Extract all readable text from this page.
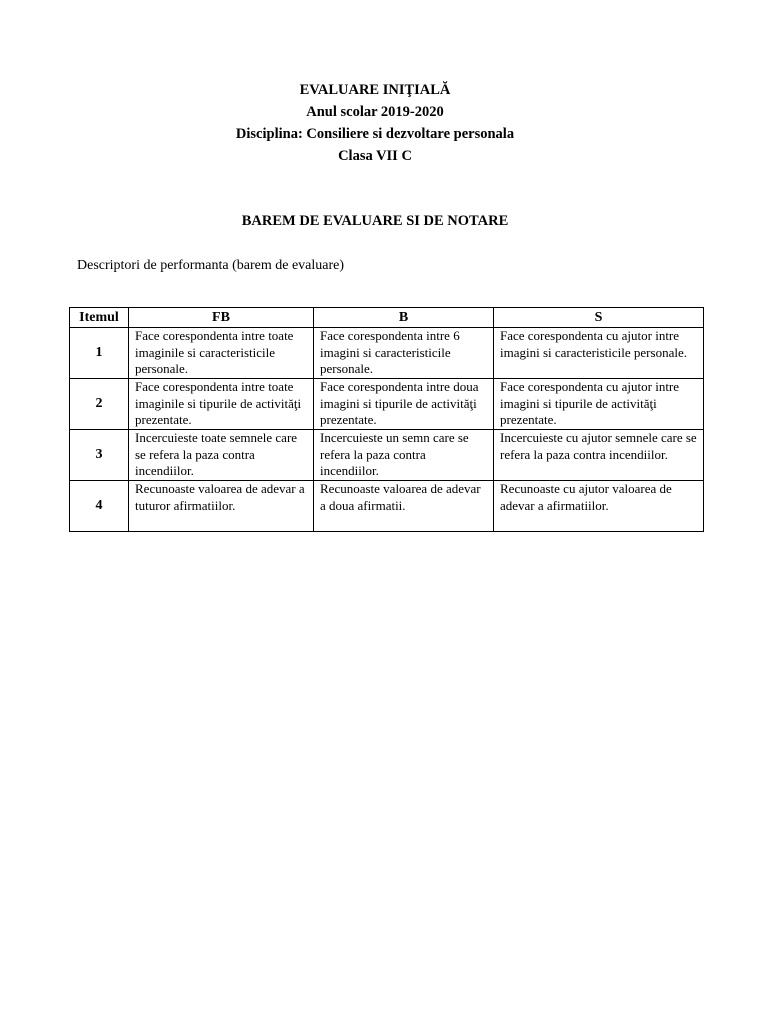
EVALUARE INIŢIALĂ

Anul scolar 2019-2020

Disciplina: Consiliere si dezvoltare personala

Clasa VII C

BAREM DE EVALUARE SI DE NOTARE

Descriptori de performanta (barem de evaluare)

Itemul	FB	B	S
1	Face corespondenta intre toate imaginile si caracteristicile personale.	Face corespondenta intre 6 imagini si caracteristicile personale.	Face corespondenta cu ajutor intre imagini si caracteristicile personale.
2	Face corespondenta intre toate imaginile si tipurile de activităţi prezentate.	Face corespondenta intre doua imagini si tipurile de activităţi prezentate.	Face corespondenta cu ajutor intre imagini si tipurile de activităţi prezentate.
3	Incercuieste toate semnele care se refera la paza contra incendiilor.	Incercuieste un semn care se refera la paza contra incendiilor.	Incercuieste cu ajutor semnele care se refera la paza contra incendiilor.
4	Recunoaste valoarea de adevar a tuturor afirmatiilor.	Recunoaste valoarea de adevar a doua afirmatii.	Recunoaste cu ajutor valoarea de adevar a afirmatiilor.
